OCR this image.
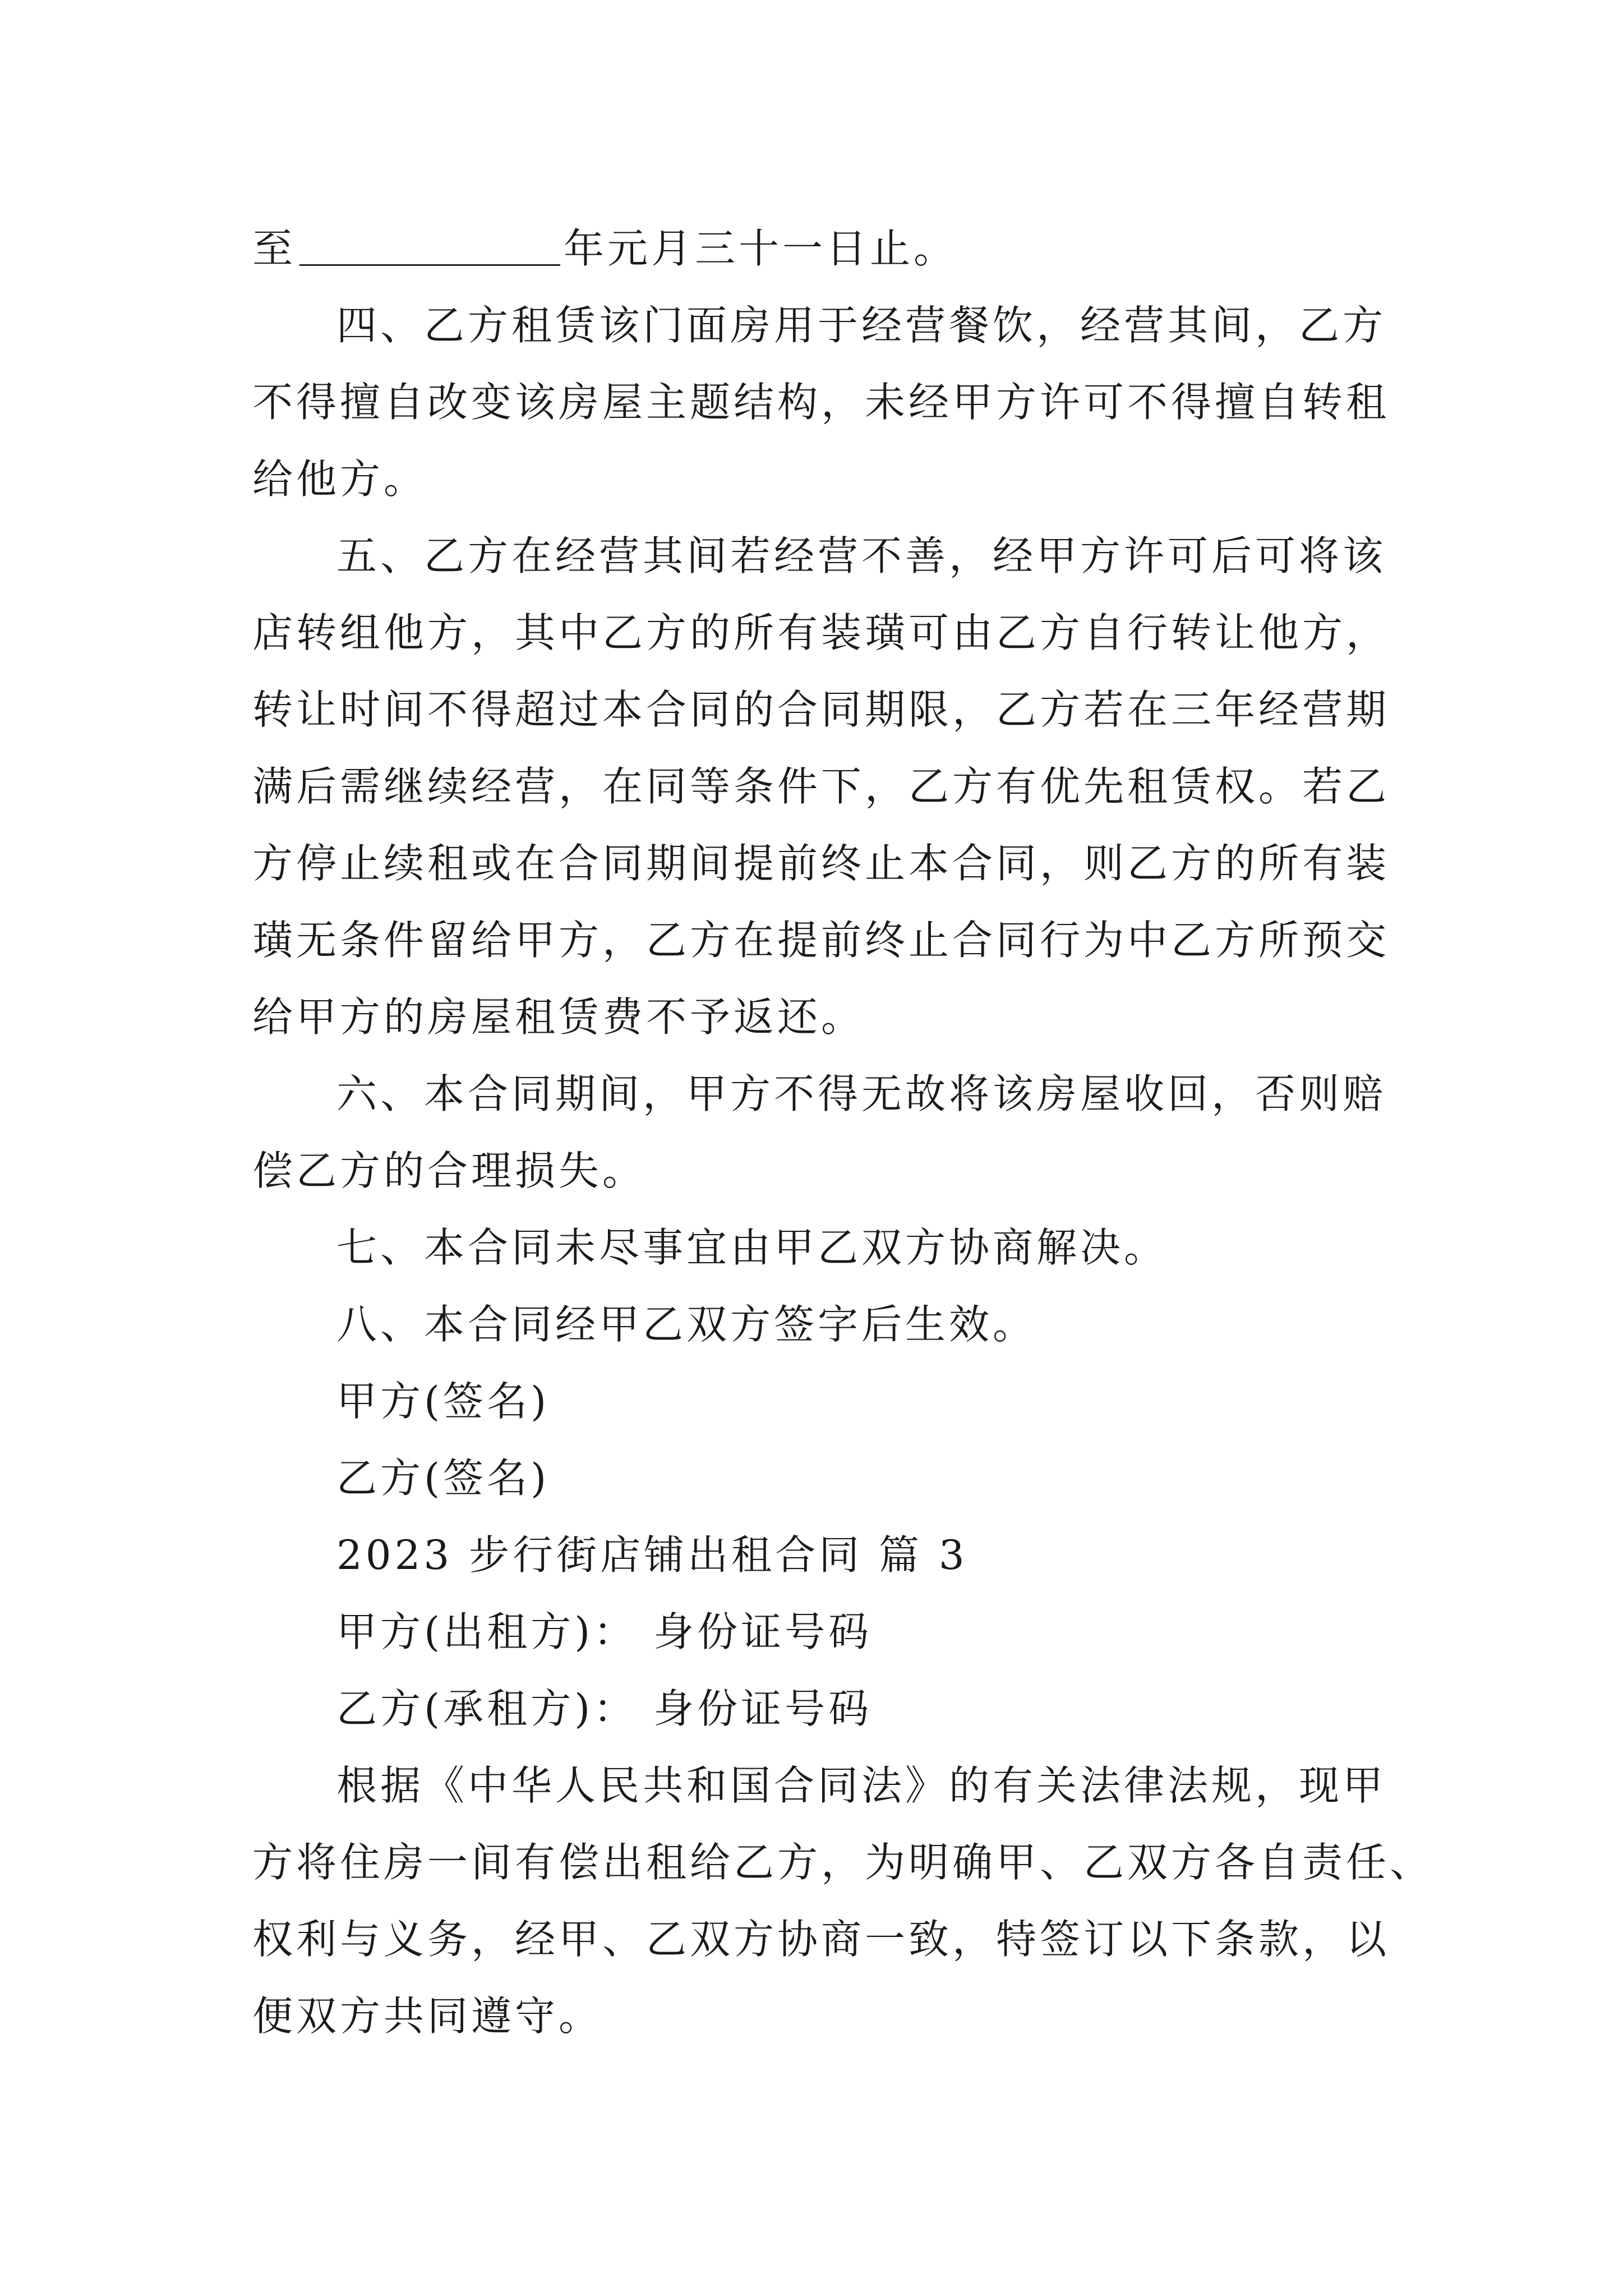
至	年元月三十一日止。
四、乙方租赁该门面房用于经营餐饮，经营其间，乙方
不得擅自改变该房屋主题结构，未经甲方许可不得擅自转租
给他方。
五、乙方在经营其间若经营不善，经甲方许可后可将该
店转组他方，其中乙方的所有装璜可由乙方自行转让他方，
转让时间不得超过本合同的合同期限，乙方若在三年经营期
满后需继续经营，在同等条件下，乙方有优先租赁权。若乙
方停止续租或在合同期间提前终止本合同，则乙方的所有装
璜无条件留给甲方，乙方在提前终止合同行为中乙方所预交
给甲方的房屋租赁费不予返还。
六、本合同期间，甲方不得无故将该房屋收回，否则赔
偿乙方的合理损失。
七、本合同未尽事宜由甲乙双方协商解决。
八、本合同经甲乙双方签字后生效。
甲方(签名)
乙方(签名)
2023 步行街店铺出租合同 篇 3
甲方(出租方)： 身份证号码
乙方(承租方)： 身份证号码
根据《中华人民共和国合同法》的有关法律法规，现甲
方将住房一间有偿出租给乙方，为明确甲、乙双方各自责任、
权利与义务，经甲、乙双方协商一致，特签订以下条款，以
便双方共同遵守。
